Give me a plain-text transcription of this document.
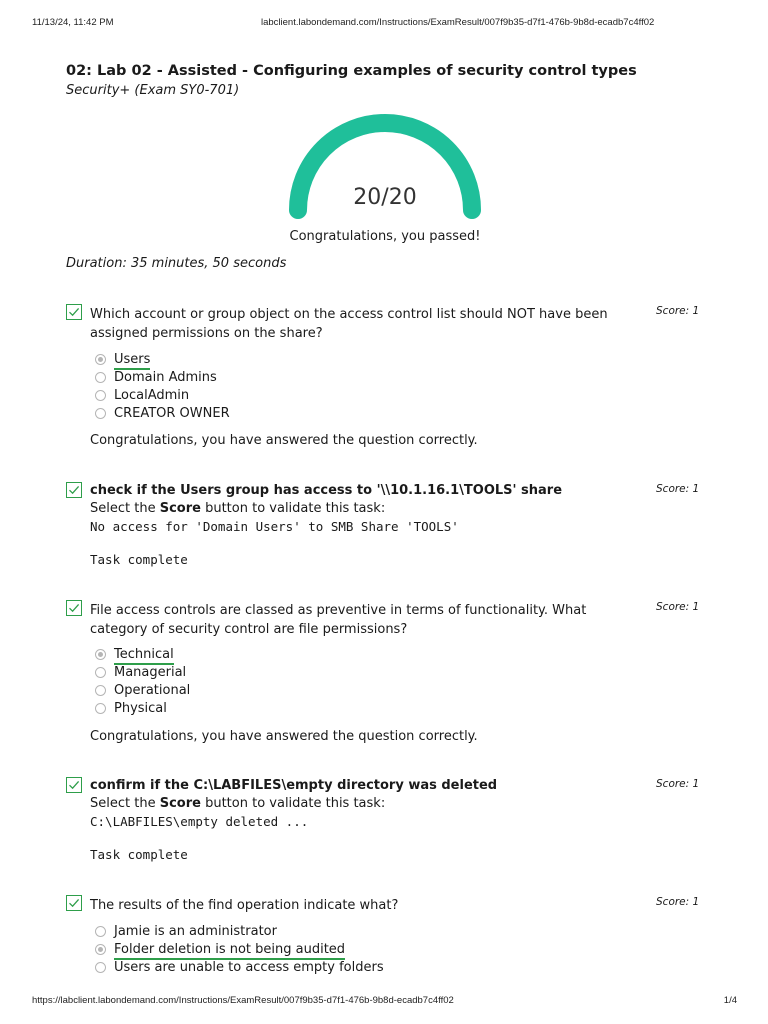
11/13/24, 11:42 PM	labclient.labondemand.com/Instructions/ExamResult/007f9b35-d7f1-476b-9b8d-ecadb7c4ff02
02: Lab 02 - Assisted - Configuring examples of security control types
Security+ (Exam SY0-701)
20/20
Congratulations, you passed!
Duration: 35 minutes, 50 seconds
Which account or group object on the access control list should NOT have been assigned permissions on the share?
Score: 1
Users
Domain Admins
LocalAdmin
CREATOR OWNER
Congratulations, you have answered the question correctly.
check if the Users group has access to '\\10.1.16.1\TOOLS' share	Score: 1
Select the Score button to validate this task:
No access for 'Domain Users' to SMB Share 'TOOLS'
Task complete
File access controls are classed as preventive in terms of functionality. What category of security control are file permissions?
Score: 1
Technical
Managerial
Operational
Physical
Congratulations, you have answered the question correctly.
confirm if the C:\LABFILES\empty directory was deleted	Score: 1
Select the Score button to validate this task:
C:\LABFILES\empty deleted ...
Task complete
The results of the find operation indicate what?	Score: 1
Jamie is an administrator
Folder deletion is not being audited
Users are unable to access empty folders
https://labclient.labondemand.com/Instructions/ExamResult/007f9b35-d7f1-476b-9b8d-ecadb7c4ff02	1/4
